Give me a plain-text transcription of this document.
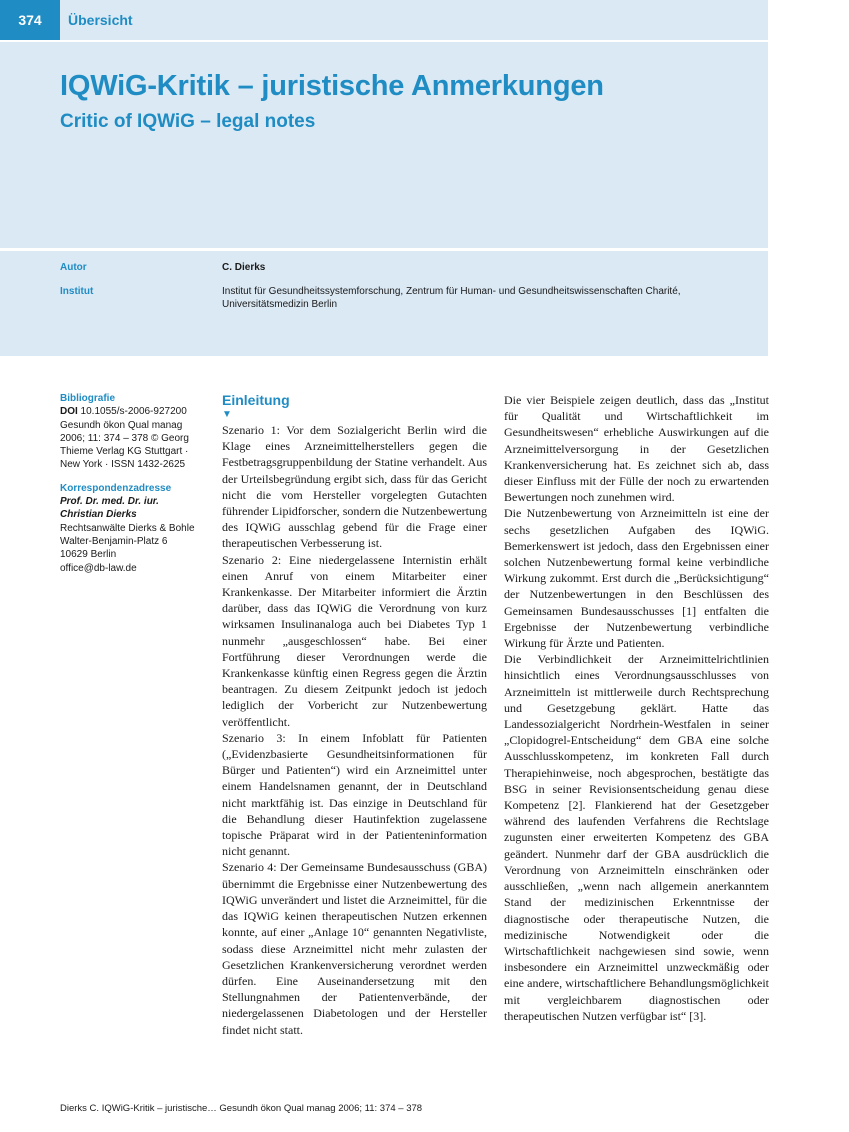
374	Übersicht
IQWiG-Kritik – juristische Anmerkungen
Critic of IQWiG – legal notes
Autor	C. Dierks
Institut	Institut für Gesundheitssystemforschung, Zentrum für Human- und Gesundheitswissenschaften Charité, Universitätsmedizin Berlin
Bibliografie
DOI 10.1055/s-2006-927200
Gesundh ökon Qual manag 2006; 11: 374 – 378 © Georg Thieme Verlag KG Stuttgart · New York · ISSN 1432-2625
Korrespondenzadresse
Prof. Dr. med. Dr. iur. Christian Dierks
Rechtsanwälte Dierks & Bohle
Walter-Benjamin-Platz 6
10629 Berlin
office@db-law.de
Einleitung
▼

Szenario 1: Vor dem Sozialgericht Berlin wird die Klage eines Arzneimittelherstellers gegen die Festbetragsgruppenbildung der Statine verhandelt. Aus der Urteilsbegründung ergibt sich, dass für das Gericht nicht die vom Hersteller vorgelegten Gutachten führender Lipidforscher, sondern die Nutzenbewertung des IQWiG ausschlag gebend für die Frage einer therapeutischen Verbesserung ist.

Szenario 2: Eine niedergelassene Internistin erhält einen Anruf von einem Mitarbeiter einer Krankenkasse. Der Mitarbeiter informiert die Ärztin darüber, dass das IQWiG die Verordnung von kurz wirksamen Insulinanaloga auch bei Diabetes Typ 1 nunmehr „ausgeschlossen“ habe. Bei einer Fortführung dieser Verordnungen werde die Krankenkasse künftig einen Regress gegen die Ärztin beantragen. Zu diesem Zeitpunkt jedoch ist jedoch lediglich der Vorbericht zur Nutzenbewertung veröffentlicht.

Szenario 3: In einem Infoblatt für Patienten („Evidenzbasierte Gesundheitsinformationen für Bürger und Patienten“) wird ein Arzneimittel unter einem Handelsnamen genannt, der in Deutschland nicht marktfähig ist. Das einzige in Deutschland für die Behandlung dieser Hautinfektion zugelassene topische Präparat wird in der Patienteninformation nicht genannt.

Szenario 4: Der Gemeinsame Bundesausschuss (GBA) übernimmt die Ergebnisse einer Nutzenbewertung des IQWiG unverändert und listet die Arzneimittel, für die das IQWiG keinen therapeutischen Nutzen erkennen konnte, auf einer „Anlage 10“ genannten Negativliste, sodass diese Arzneimittel nicht mehr zulasten der Gesetzlichen Krankenversicherung verordnet werden dürfen. Eine Auseinandersetzung mit den Stellungnahmen der Patientenverbände, der niedergelassenen Diabetologen und der Hersteller findet nicht statt.

Die vier Beispiele zeigen deutlich, dass das „Institut für Qualität und Wirtschaftlichkeit im Gesundheitswesen“ erhebliche Auswirkungen auf die Arzneimittelversorgung in der Gesetzlichen Krankenversicherung hat. Es zeichnet sich ab, dass dieser Einfluss mit der Fülle der noch zu erwartenden Bewertungen noch zunehmen wird.

Die Nutzenbewertung von Arzneimitteln ist eine der sechs gesetzlichen Aufgaben des IQWiG. Bemerkenswert ist jedoch, dass den Ergebnissen einer solchen Nutzenbewertung formal keine verbindliche Wirkung zukommt. Erst durch die „Berücksichtigung“ der Nutzenbewertungen in den Beschlüssen des Gemeinsamen Bundesausschusses [1] entfalten die Ergebnisse der Nutzenbewertung verbindliche Wirkung für Ärzte und Patienten.

Die Verbindlichkeit der Arzneimittelrichtlinien hinsichtlich eines Verordnungsausschlusses von Arzneimitteln ist mittlerweile durch Rechtsprechung und Gesetzgebung geklärt. Hatte das Landessozialgericht Nordrhein-Westfalen in seiner „Clopidogrel-Entscheidung“ dem GBA eine solche Ausschlusskompetenz, im konkreten Fall durch Therapiehinweise, noch abgesprochen, bestätigte das BSG in seiner Revisionsentscheidung genau diese Kompetenz [2]. Flankierend hat der Gesetzgeber während des laufenden Verfahrens die Rechtslage zugunsten einer erweiterten Kompetenz des GBA geändert. Nunmehr darf der GBA ausdrücklich die Verordnung von Arzneimitteln einschränken oder ausschließen, „wenn nach allgemein anerkanntem Stand der medizinischen Erkenntnisse der diagnostische oder therapeutische Nutzen, die medizinische Notwendigkeit oder die Wirtschaftlichkeit nachgewiesen sind sowie, wenn insbesondere ein Arzneimittel unzweckmäßig oder eine andere, wirtschaftlichere Behandlungsmöglichkeit mit vergleichbarem diagnostischen oder therapeutischen Nutzen verfügbar ist“ [3].

Dierks C. IQWiG-Kritik – juristische… Gesundh ökon Qual manag 2006; 11: 374 – 378
